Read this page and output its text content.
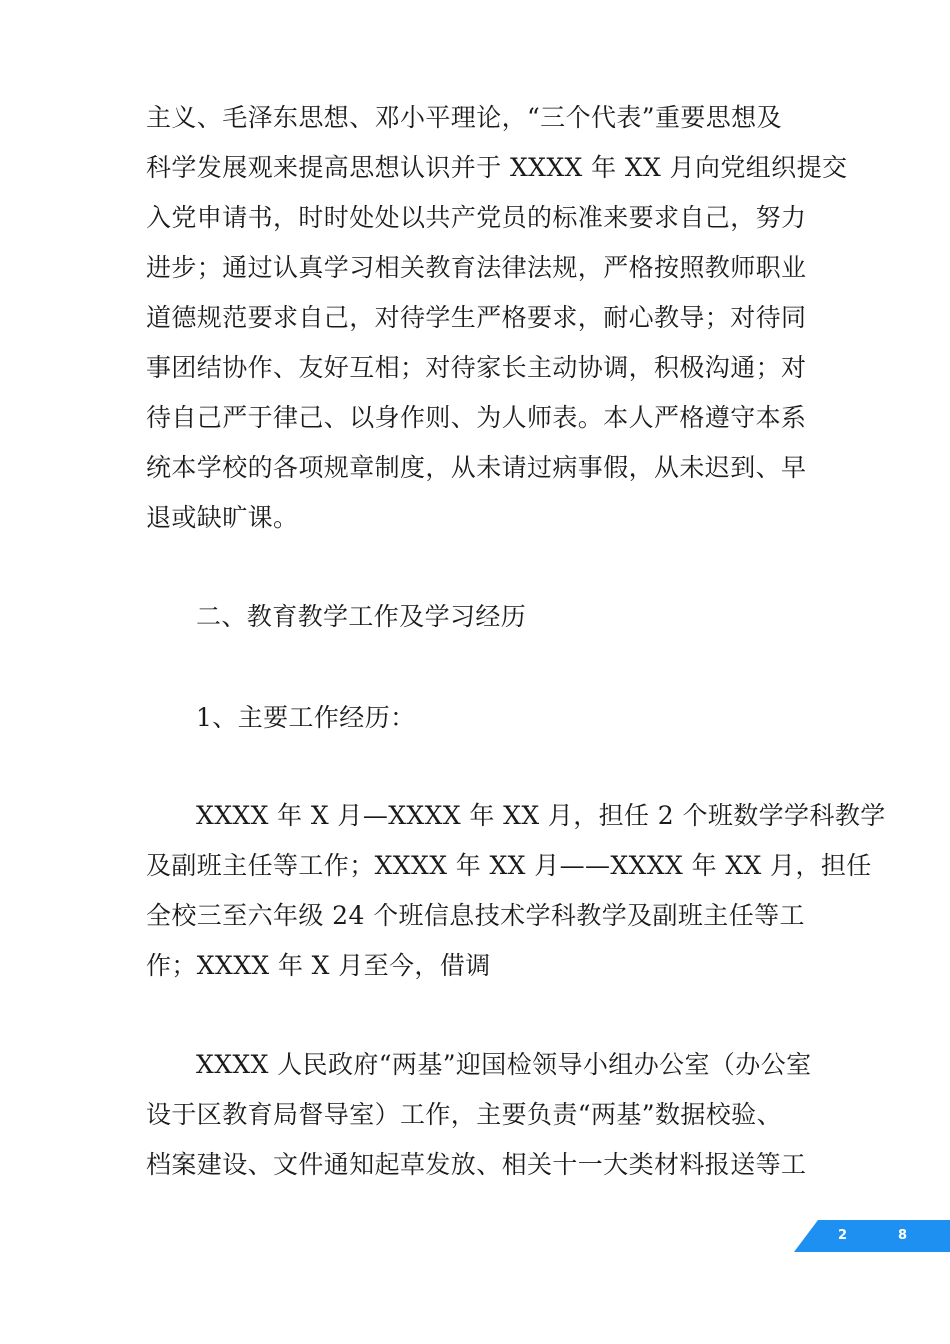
主义、毛泽东思想、邓小平理论，“三个代表”重要思想及
科学发展观来提高思想认识并于 XXXX 年 XX 月向党组织提交
入党申请书，时时处处以共产党员的标准来要求自己，努力
进步；通过认真学习相关教育法律法规，严格按照教师职业
道德规范要求自己，对待学生严格要求，耐心教导；对待同
事团结协作、友好互相；对待家长主动协调，积极沟通；对
待自己严于律己、以身作则、为人师表。本人严格遵守本系
统本学校的各项规章制度，从未请过病事假，从未迟到、早
退或缺旷课。
二、教育教学工作及学习经历
1、主要工作经历：
XXXX 年 X 月—XXXX 年 XX 月，担任 2 个班数学学科教学
及副班主任等工作；XXXX 年 XX 月——XXXX 年 XX 月，担任
全校三至六年级 24 个班信息技术学科教学及副班主任等工
作；XXXX 年 X 月至今，借调
XXXX 人民政府“两基”迎国检领导小组办公室（办公室
设于区教育局督导室）工作，主要负责“两基”数据校验、
档案建设、文件通知起草发放、相关十一大类材料报送等工
2	8
